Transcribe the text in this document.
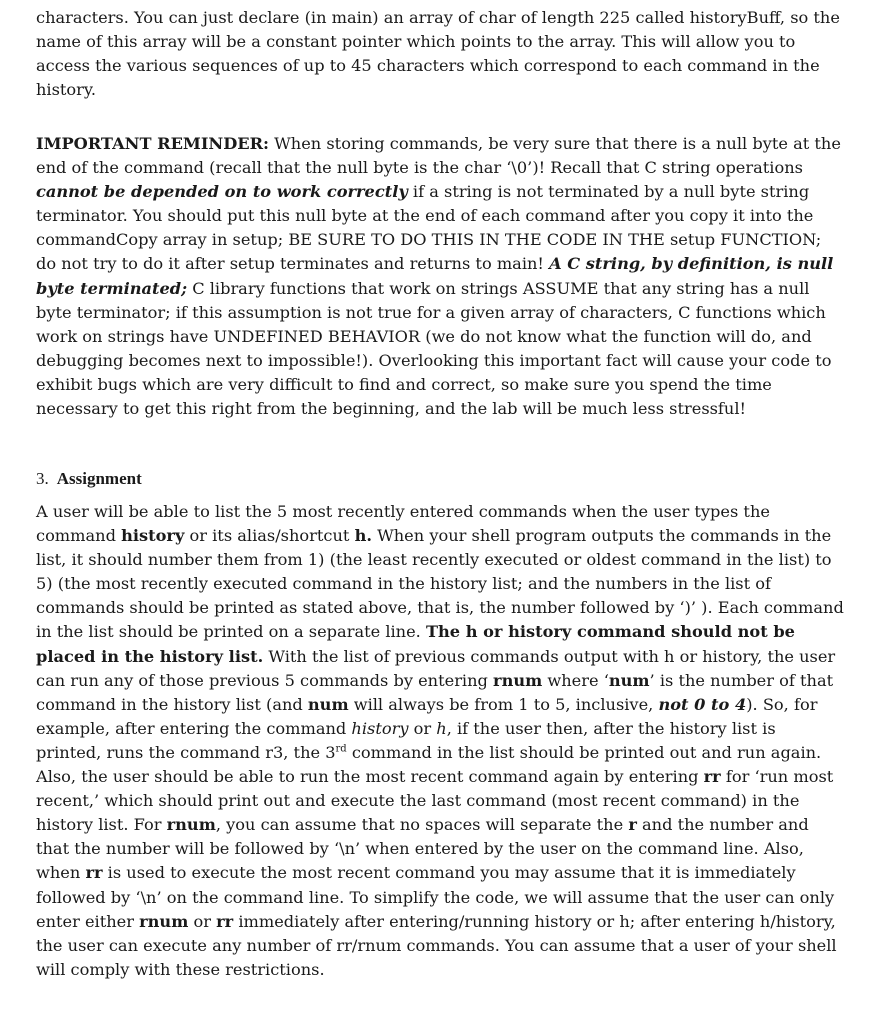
characters. You can just declare (in main) an array of char of length 225 called historyBuff, so the name of this array will be a constant pointer which points to the array. This will allow you to access the various sequences of up to 45 characters which correspond to each command in the history.

IMPORTANT REMINDER: When storing commands, be very sure that there is a null byte at the end of the command (recall that the null byte is the char ‘\0’)! Recall that C string operations cannot be depended on to work correctly if a string is not terminated by a null byte string terminator. You should put this null byte at the end of each command after you copy it into the commandCopy array in setup; BE SURE TO DO THIS IN THE CODE IN THE setup FUNCTION; do not try to do it after setup terminates and returns to main! A C string, by definition, is null byte terminated; C library functions that work on strings ASSUME that any string has a null byte terminator; if this assumption is not true for a given array of characters, C functions which work on strings have UNDEFINED BEHAVIOR (we do not know what the function will do, and debugging becomes next to impossible!). Overlooking this important fact will cause your code to exhibit bugs which are very difficult to find and correct, so make sure you spend the time necessary to get this right from the beginning, and the lab will be much less stressful!

3. Assignment

A user will be able to list the 5 most recently entered commands when the user types the command history or its alias/shortcut h. When your shell program outputs the commands in the list, it should number them from 1) (the least recently executed or oldest command in the list) to 5) (the most recently executed command in the history list; and the numbers in the list of commands should be printed as stated above, that is, the number followed by ‘)’ ). Each command in the list should be printed on a separate line. The h or history command should not be placed in the history list. With the list of previous commands output with h or history, the user can run any of those previous 5 commands by entering rnum where ‘num’ is the number of that command in the history list (and num will always be from 1 to 5, inclusive, not 0 to 4). So, for example, after entering the command history or h, if the user then, after the history list is printed, runs the command r3, the 3rd command in the list should be printed out and run again. Also, the user should be able to run the most recent command again by entering rr for ‘run most recent,’ which should print out and execute the last command (most recent command) in the history list. For rnum, you can assume that no spaces will separate the r and the number and that the number will be followed by ‘\n’ when entered by the user on the command line. Also, when rr is used to execute the most recent command you may assume that it is immediately followed by ‘\n’ on the command line. To simplify the code, we will assume that the user can only enter either rnum or rr immediately after entering/running history or h; after entering h/history, the user can execute any number of rr/rnum commands. You can assume that a user of your shell will comply with these restrictions.
